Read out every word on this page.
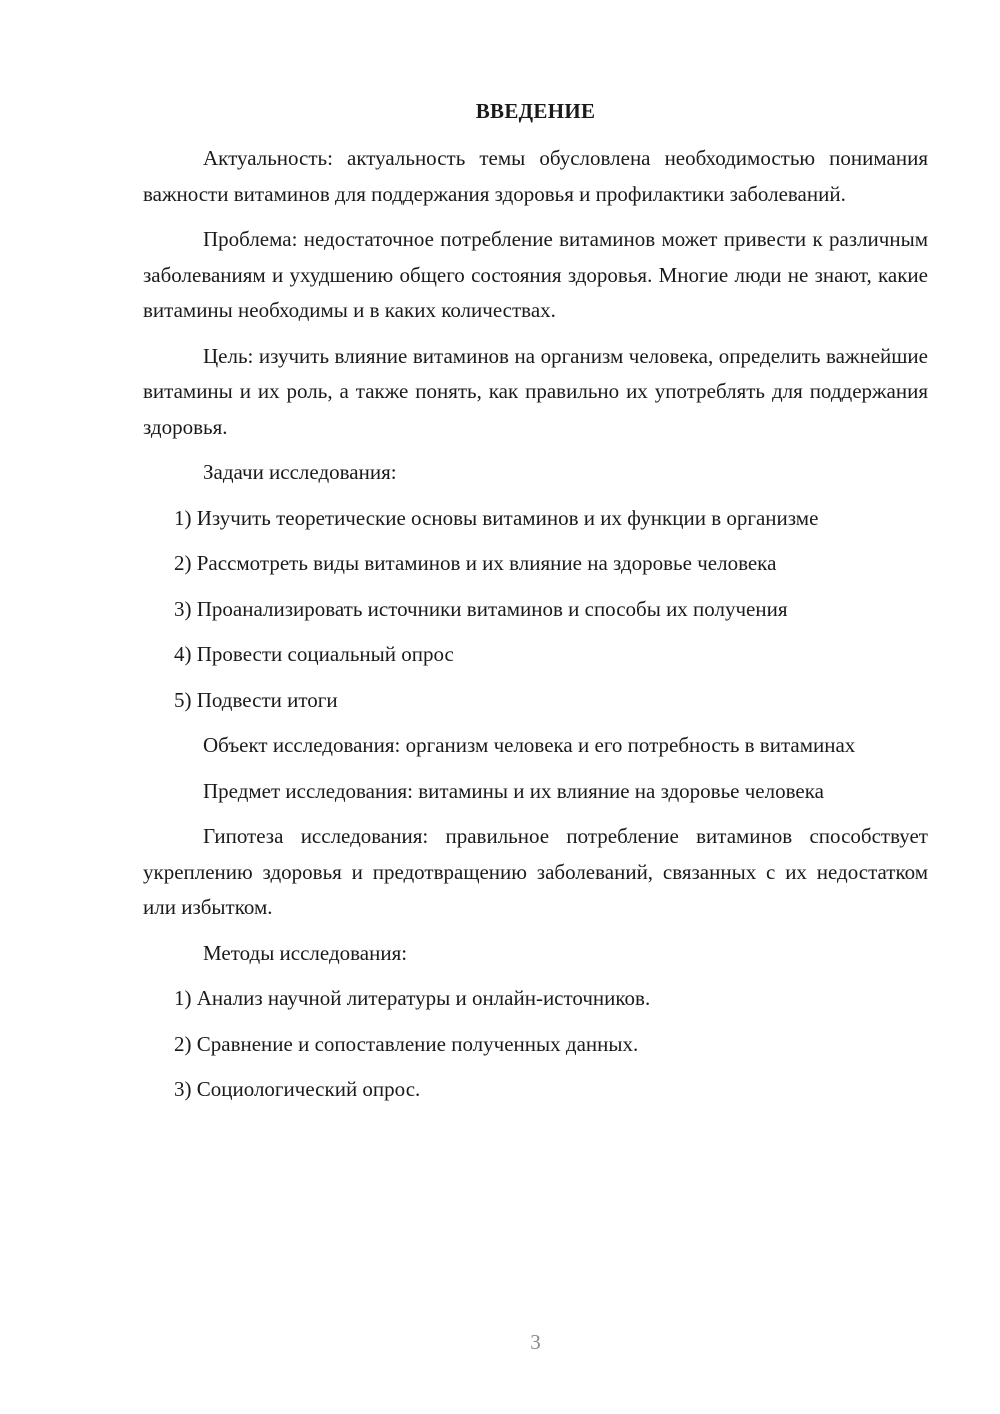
ВВЕДЕНИЕ

Актуальность: актуальность темы обусловлена необходимостью понимания важности витаминов для поддержания здоровья и профилактики заболеваний.

Проблема: недостаточное потребление витаминов может привести к различным заболеваниям и ухудшению общего состояния здоровья. Многие люди не знают, какие витамины необходимы и в каких количествах.

Цель: изучить влияние витаминов на организм человека, определить важнейшие витамины и их роль, а также понять, как правильно их употреблять для поддержания здоровья.

Задачи исследования:

1) Изучить теоретические основы витаминов и их функции в организме

2) Рассмотреть виды витаминов и их влияние на здоровье человека

3) Проанализировать источники витаминов и способы их получения

4) Провести социальный опрос

5) Подвести итоги

Объект исследования: организм человека и его потребность в витаминах

Предмет исследования: витамины и их влияние на здоровье человека

Гипотеза исследования: правильное потребление витаминов способствует укреплению здоровья и предотвращению заболеваний, связанных с их недостатком или избытком.

Методы исследования:

1) Анализ научной литературы и онлайн-источников.

2) Сравнение и сопоставление полученных данных.

3) Социологический опрос.

3
